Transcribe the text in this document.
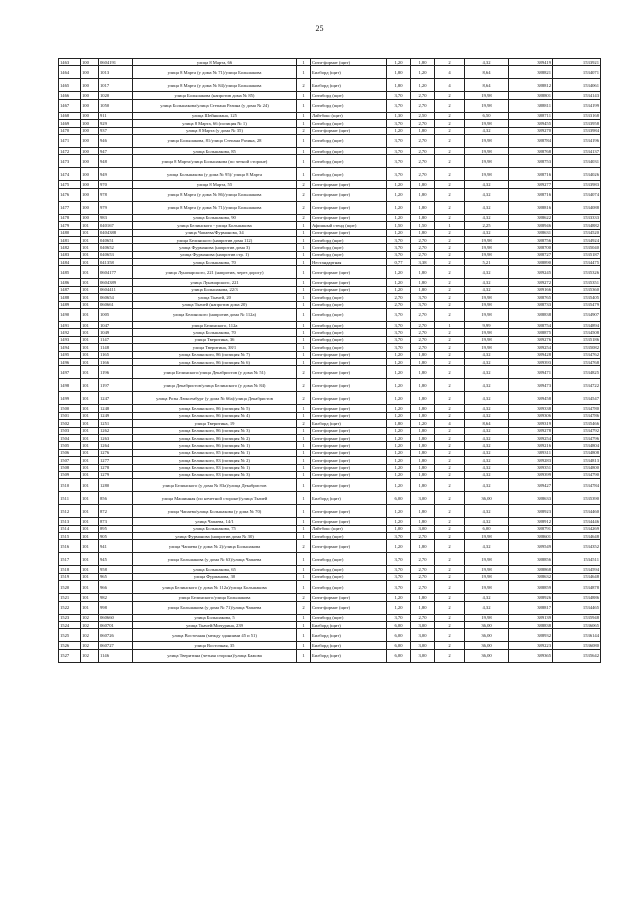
25
1463	100	0604191	улица 8 Марта, 66	1	Сити-формат (щит)	1,20	1,80	2	4,32	389419	1533921
1464	100	1013	улица 8 Марта (у дома № 71)/улица Большакова	1	Билборд (щит)	1,80	1,20	4	8,64	388821	1534071
1465	100	1017	улица 8 Марта (у дома № 84)/улица Большакова	2	Билборд (щит)	1,80	1,20	4	8,64	388812	1534061
1466	100	1020	улица Большакова (напротив дома № 85)	1	Ситиборд (щит)	3,70	2,70	2	19,98	388801	1534143
1467	100	1050	улица Большакова/улица Степана Разина (у дома № 24)	1	Ситиборд (щит)	3,70	2,70	2	19,98	388811	1534199
1468	100	911	улица Шейнкмана, 125	1	Лайтбокс (щит)	1,30	2,50	2	6,50	388711	1533168
1469	100	929	улица 8 Марта, 66 (позиция № 1)	1	Ситиборд (щит)	3,70	2,70	2	19,98	389455	1533958
1470	100	937	улица 8 Марта (у дома № 35)	2	Сити-формат (щит)	1,20	1,80	2	4,32	389270	1533984
1471	100	946	улица Большакова, 81/улица Степана Разина, 28	1	Ситиборд (щит)	3,70	2,70	2	19,98	388784	1534196
1472	100	947	улица Большакова, 85	1	Ситиборд (щит)	3,70	2,70	2	19,98	388768	1534137
1473	100	948	улица 8 Марта/улица Большакова (по четной стороне)	1	Ситиборд (щит)	3,70	2,70	2	19,98	388753	1534031
1474	100	949	улица Большакова (у дома № 95)/ улица 8 Марта	1	Ситиборд (щит)	3,70	2,70	2	19,98	388716	1534026
1475	100	970	улица 8 Марта, 55	2	Сити-формат (щит)	1,20	1,80	2	4,32	389277	1533983
1476	100	978	улица 8 Марта (у дома № 86)/улица Большакова	2	Сити-формат (щит)	1,20	1,80	2	4,32	388716	1534074
1477	100	979	улица 8 Марта (у дома № 71)/улица Большакова	2	Сити-формат (щит)	1,20	1,80	2	4,32	388816	1534088
1478	100	983	улица Большакова, 90	2	Сити-формат (щит)	1,20	1,80	2	4,32	388622	1533333
1479	101	040167	улица Белинского - улица Большакова	1	Афишный стенд (щит)	1,50	1,50	1	2,25	388946	1534882
1480	101	0404388	улица Чапаева/Фурманова, 34	1	Сити-формат (щит)	1,20	1,80	2	4,32	388631	1534520
1481	101	040651	улица Белинского (напротив дома 112)	1	Ситиборд (щит)	3,70	2,70	2	19,98	388756	1534924
1482	101	040652	улица Фурманова (напротив дома 3)	1	Ситиборд (щит)	3,70	2,70	2	19,98	388700	1535040
1483	101	040653	улица Фурманова (напротив стр. 1)	1	Ситиборд (щит)	3,70	2,70	2	19,98	388727	1535187
1484	101	041358	улица Большакова, 70	1	Нестандартная	0,77	3,38	2	5,21	388890	1534475
1485	101	0604177	улица Луначарского, 221 (напротив, через дорогу)	1	Сити-формат (щит)	1,20	1,80	2	4,32	389245	1535326
1486	101	0604389	улица Луначарского, 221	1	Сити-формат (щит)	1,20	1,80	2	4,32	389272	1535351
1487	101	0604411	улица Большакова, 22/3	1	Сити-формат (щит)	1,20	1,80	2	4,32	389166	1535360
1488	101	060654	улица Ткачей, 20	1	Ситиборд (щит)	2,70	3,70	2	19,98	388765	1535405
1489	101	060661	улица Ткачей (напротив дома 20)	1	Ситиборд (щит)	2,70	3,70	2	19,98	388733	1535479
1490	101	1005	улица Белинского (напротив дома № 112а)	1	Ситиборд (щит)	3,70	2,70	2	19,98	388838	1534907
1491	101	1047	улица Белинского, 112а	1	Ситиборд (щит)	3,70	2,70	1	9,99	388754	1534894
1492	101	1049	улица Большакова, 70	1	Ситиборд (щит)	3,70	2,70	2	19,98	388875	1534508
1493	101	1147	улица Тверитина, 36	1	Ситиборд (щит)	3,70	2,70	2	19,98	389276	1535186
1494	101	1148	улица Тверитина, 38/1	1	Ситиборд (щит)	3,70	2,70	2	19,98	389254	1535082
1495	101	1165	улица Белинского, 86 (позиция № 7)	1	Сити-формат (щит)	1,20	1,80	2	4,32	389428	1534762
1496	101	1166	улица Белинского, 86 (позиция № 6)	1	Сити-формат (щит)	1,20	1,80	2	4,32	389393	1534768
1497	101	1196	улица Белинского/улица Декабристов (у дома № 51)	2	Сити-формат (щит)	1,20	1,80	2	4,32	389471	1534825
1498	101	1197	улица Декабристов/улица Белинского (у дома № 84)	2	Сити-формат (щит)	1,20	1,80	2	4,32	389473	1534722
1499	101	1247	улица Розы Люксембург (у дома № 66а)/улица Декабристов	2	Сити-формат (щит)	1,20	1,80	2	4,32	389458	1534547
1500	101	1248	улица Белинского, 86 (позиция № 5)	1	Сити-формат (щит)	1,20	1,80	2	4,32	389338	1534780
1501	101	1249	улица Белинского, 86 (позиция № 4)	1	Сити-формат (щит)	1,20	1,80	2	4,32	389306	1534786
1502	101	1251	улица Тверитина, 19	2	Билборд (щит)	1,80	1,20	4	8,64	389319	1535466
1503	101	1262	улица Белинского, 86 (позиция № 3)	1	Сити-формат (щит)	1,20	1,80	2	4,32	389278	1534792
1504	101	1263	улица Белинского, 86 (позиция № 2)	1	Сити-формат (щит)	1,20	1,80	2	4,32	389254	1534796
1505	101	1264	улица Белинского, 86 (позиция № 1)	1	Сити-формат (щит)	1,20	1,80	2	4,32	389216	1534804
1506	101	1276	улица Белинского, 85 (позиция № 1)	1	Сити-формат (щит)	1,20	1,80	2	4,32	389311	1534808
1507	101	1277	улица Белинского, 83 (позиция № 2)	1	Сити-формат (щит)	1,20	1,80	2	4,32	389283	1534813
1508	101	1278	улица Белинского, 83 (позиция № 1)	1	Сити-формат (щит)	1,20	1,80	2	4,32	389351	1534800
1509	101	1279	улица Белинского, 83 (позиция № 3)	1	Сити-формат (щит)	1,20	1,80	2	4,32	389399	1534790
1510	101	1280	улица Белинского (у дома № 83а)/улица Декабристов	1	Сити-формат (щит)	1,20	1,80	2	4,32	389427	1534784
1511	101	856	улица Машинная (по нечетной стороне)/улица Ткачей	1	Билборд (щит)	6,00	3,00	2	36,00	388633	1535390
1512	101	872	улица Чапаева/улица Большакова (у дома № 70)	1	Сити-формат (щит)	1,20	1,80	2	4,32	388923	1534460
1513	101	873	улица Чапаева, 14/1	1	Сити-формат (щит)	1,20	1,80	2	4,32	388912	1534446
1514	101	895	улица Большакова, 75	1	Лайтбокс (щит)	1,00	3,00	2	6,00	388791	1534269
1515	101	905	улица Фурманова (напротив дома № 30)	1	Ситиборд (щит)	3,70	2,70	2	19,98	388601	1534648
1516	101	941	улица Чапаева (у дома № 2)/улица Большакова	2	Сити-формат (щит)	1,20	1,80	2	4,32	389549	1534352
1517	101	945	улица Большакова (у дома № 63)/улица Чапаева	1	Ситиборд (щит)	3,70	2,70	2	19,98	388856	1534511
1518	101	958	улица Большакова, 65	1	Ситиборд (щит)	3,70	2,70	2	19,98	388868	1534594
1519	101	965	улица Фурманова, 30	1	Ситиборд (щит)	3,70	2,70	2	19,98	388632	1534648
1520	101	966	улица Белинского (у дома № 112а)/улица Большакова	1	Ситиборд (щит)	3,70	2,70	2	19,98	388859	1534878
1521	101	982	улица Белинского/улица Большакова	2	Сити-формат (щит)	1,20	1,80	2	4,32	388926	1534886
1522	101	998	улица Большакова (у дома № 71)/улица Чапаева	2	Сити-формат (щит)	1,20	1,80	2	4,32	388817	1534465
1523	102	060660	улица Большакова, 5	1	Ситиборд (щит)	3,70	2,70	2	19,98	389139	1535948
1524	102	060701	улица Ткачей/Мичурина, 239	1	Билборд (щит)	6,00	3,00	2	36,00	388838	1536065
1525	102	060726	улица Восточная (между зданиями 45 и 51)	1	Билборд (щит)	6,00	3,00	2	36,00	388932	1536144
1526	102	060727	улица Восточная, 35	1	Билборд (щит)	6,00	3,00	2	36,00	389223	1536080
1527	102	1146	улица Тверитина (четная сторона)/улица Бажова	1	Билборд (щит)	6,00	3,00	2	36,00	389365	1535642
